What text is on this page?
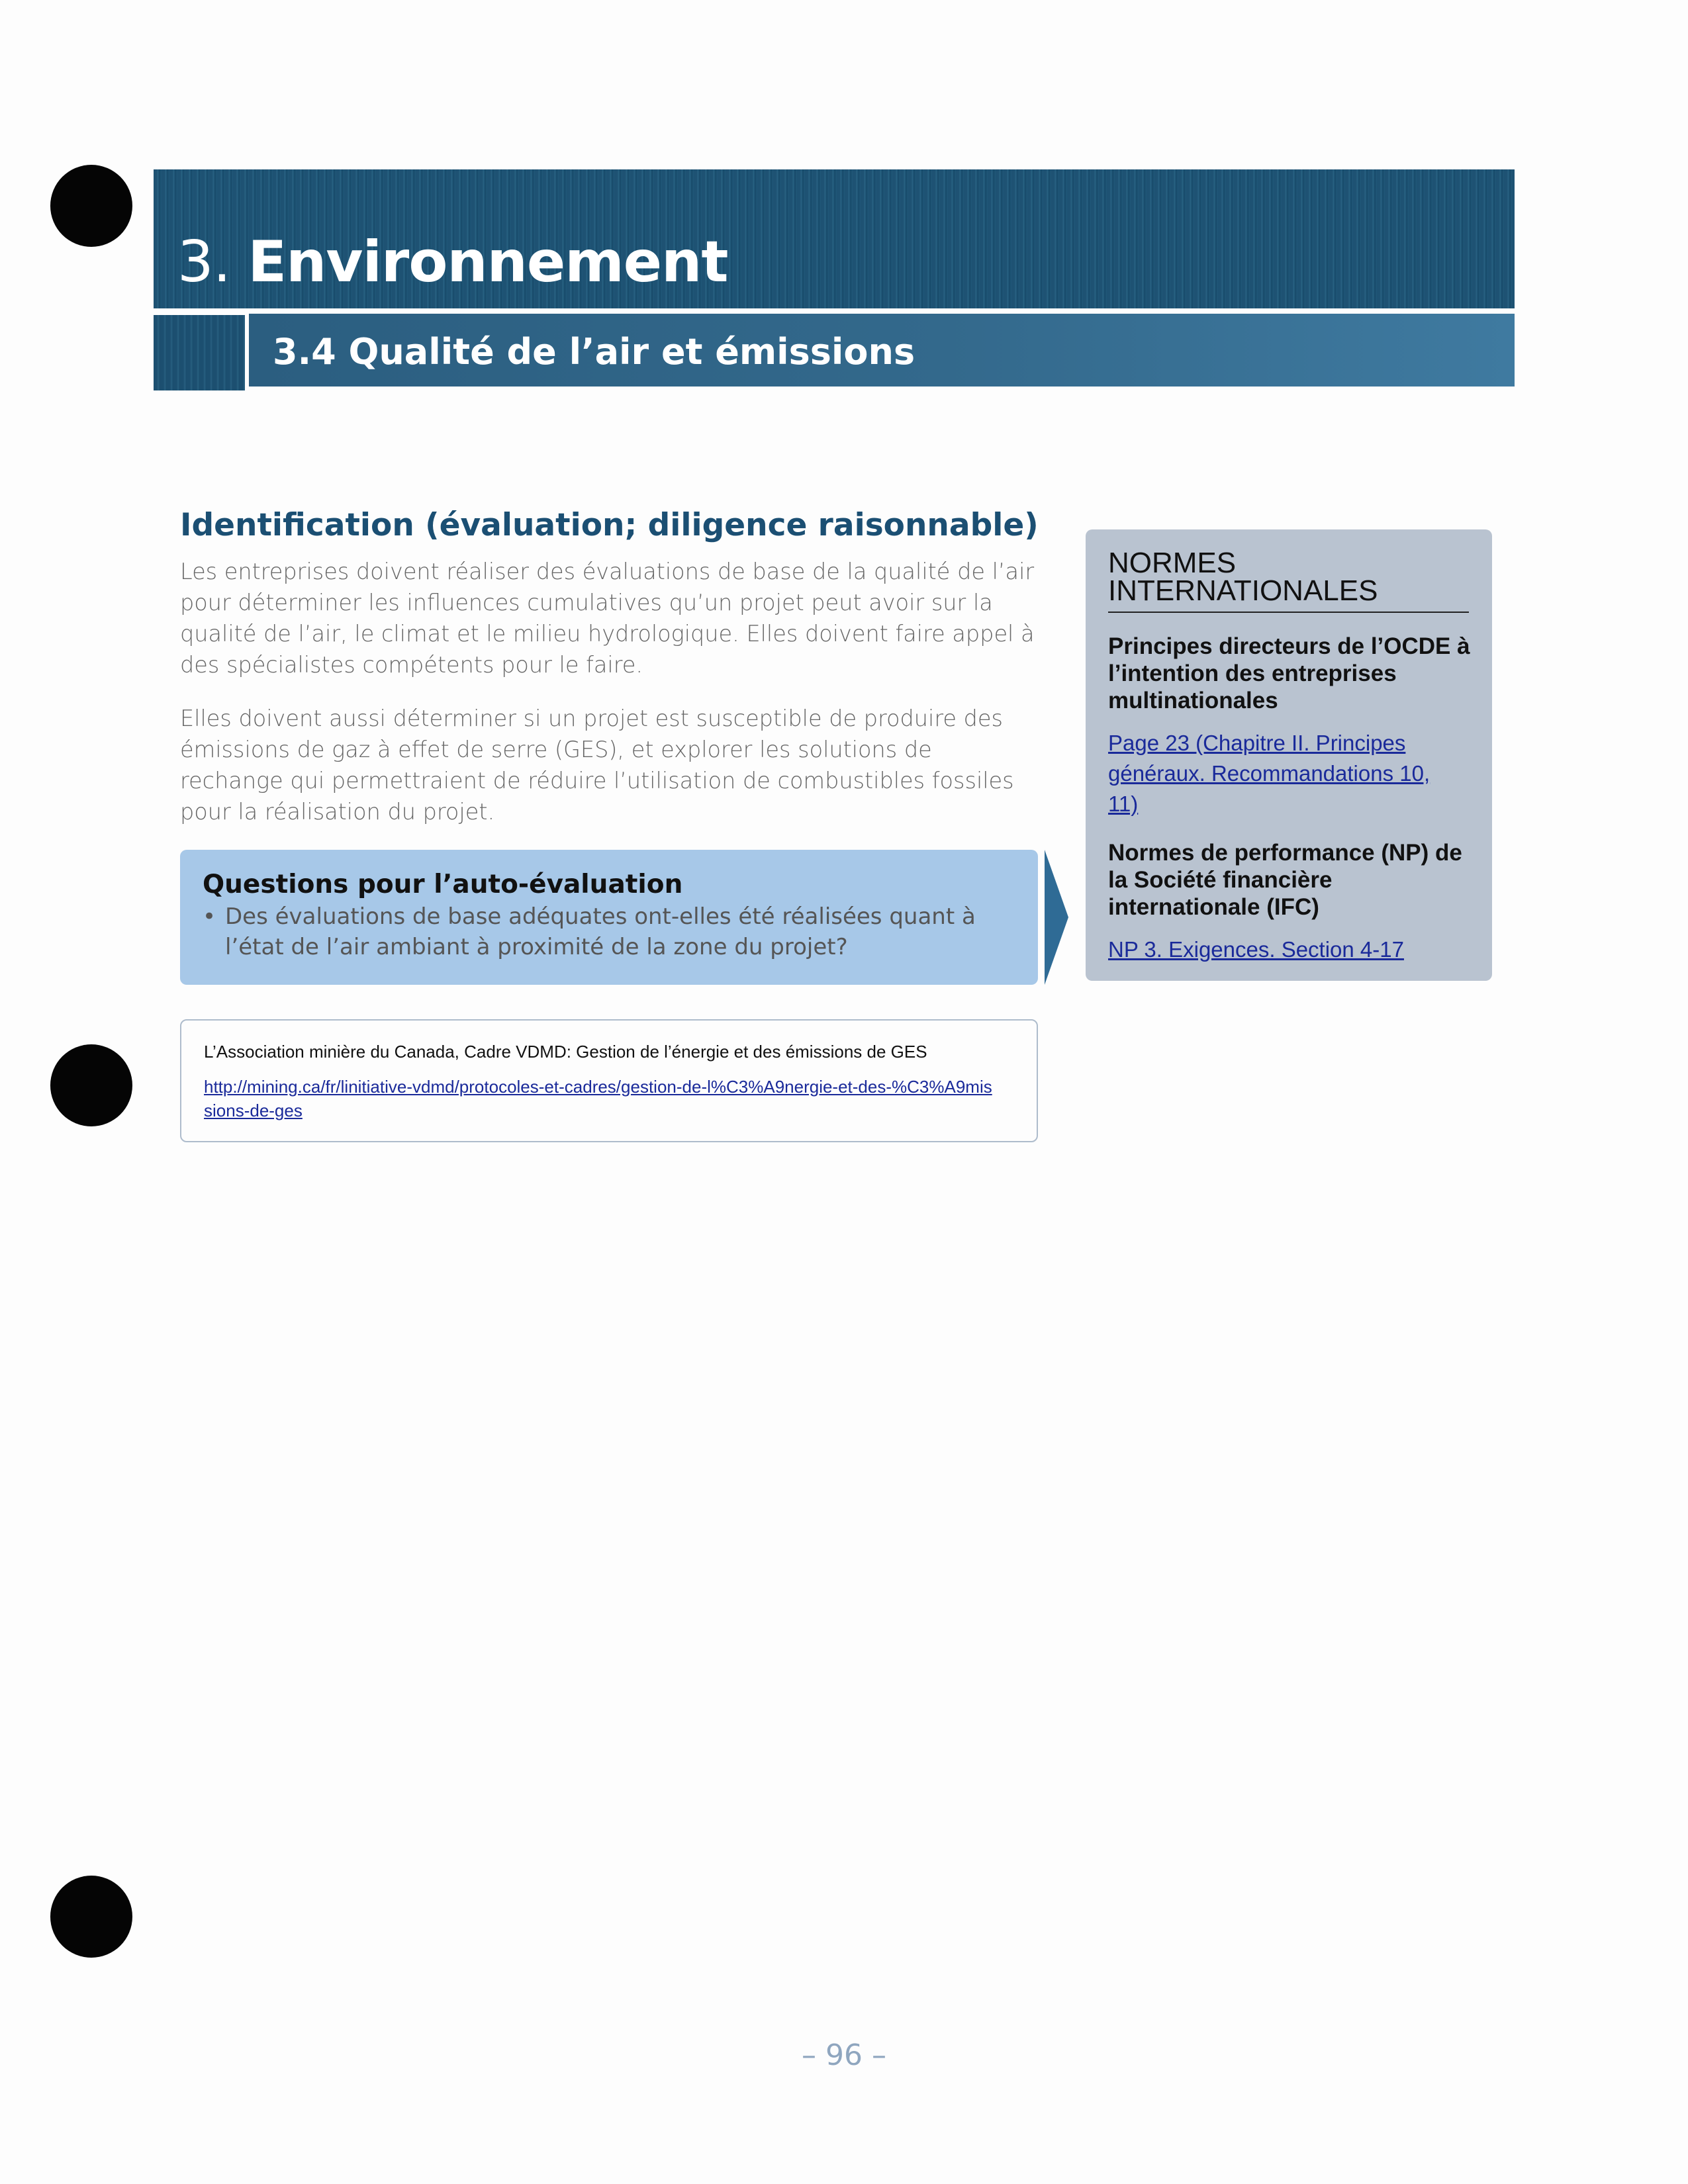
3. Environnement
3.4 Qualité de l’air et émissions
Identification (évaluation; diligence raisonnable)
Les entreprises doivent réaliser des évaluations de base de la qualité de l’air pour déterminer les influences cumulatives qu’un projet peut avoir sur la qualité de l’air, le climat et le milieu hydrologique. Elles doivent faire appel à des spécialistes compétents pour le faire.
Elles doivent aussi déterminer si un projet est susceptible de produire des émissions de gaz à effet de serre (GES), et explorer les solutions de rechange qui permettraient de réduire l’utilisation de combustibles fossiles pour la réalisation du projet.
Questions pour l’auto-évaluation
• Des évaluations de base adéquates ont-elles été réalisées quant à l’état de l’air ambiant à proximité de la zone du projet?
L’Association minière du Canada, Cadre VDMD: Gestion de l’énergie et des émissions de GES
http://mining.ca/fr/linitiative-vdmd/protocoles-et-cadres/gestion-de-l%C3%A9nergie-et-des-%C3%A9missions-de-ges
NORMES INTERNATIONALES
Principes directeurs de l’OCDE à l’intention des entreprises multinationales
Page 23 (Chapitre II. Principes généraux. Recommandations 10, 11)
Normes de performance (NP) de la Société financière internationale (IFC)
NP 3. Exigences. Section 4-17
– 96 –
